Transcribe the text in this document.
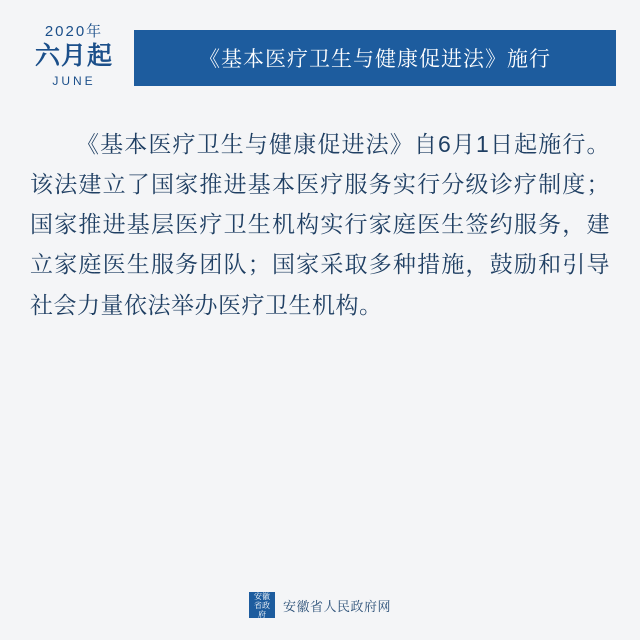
2020年
六月起
JUNE
《基本医疗卫生与健康促进法》施行

《基本医疗卫生与健康促进法》自6月1日起施行。该法建立了国家推进基本医疗服务实行分级诊疗制度；国家推进基层医疗卫生机构实行家庭医生签约服务，建立家庭医生服务团队；国家采取多种措施，鼓励和引导社会力量依法举办医疗卫生机构。

安徽
省政府
安徽省人民政府网
